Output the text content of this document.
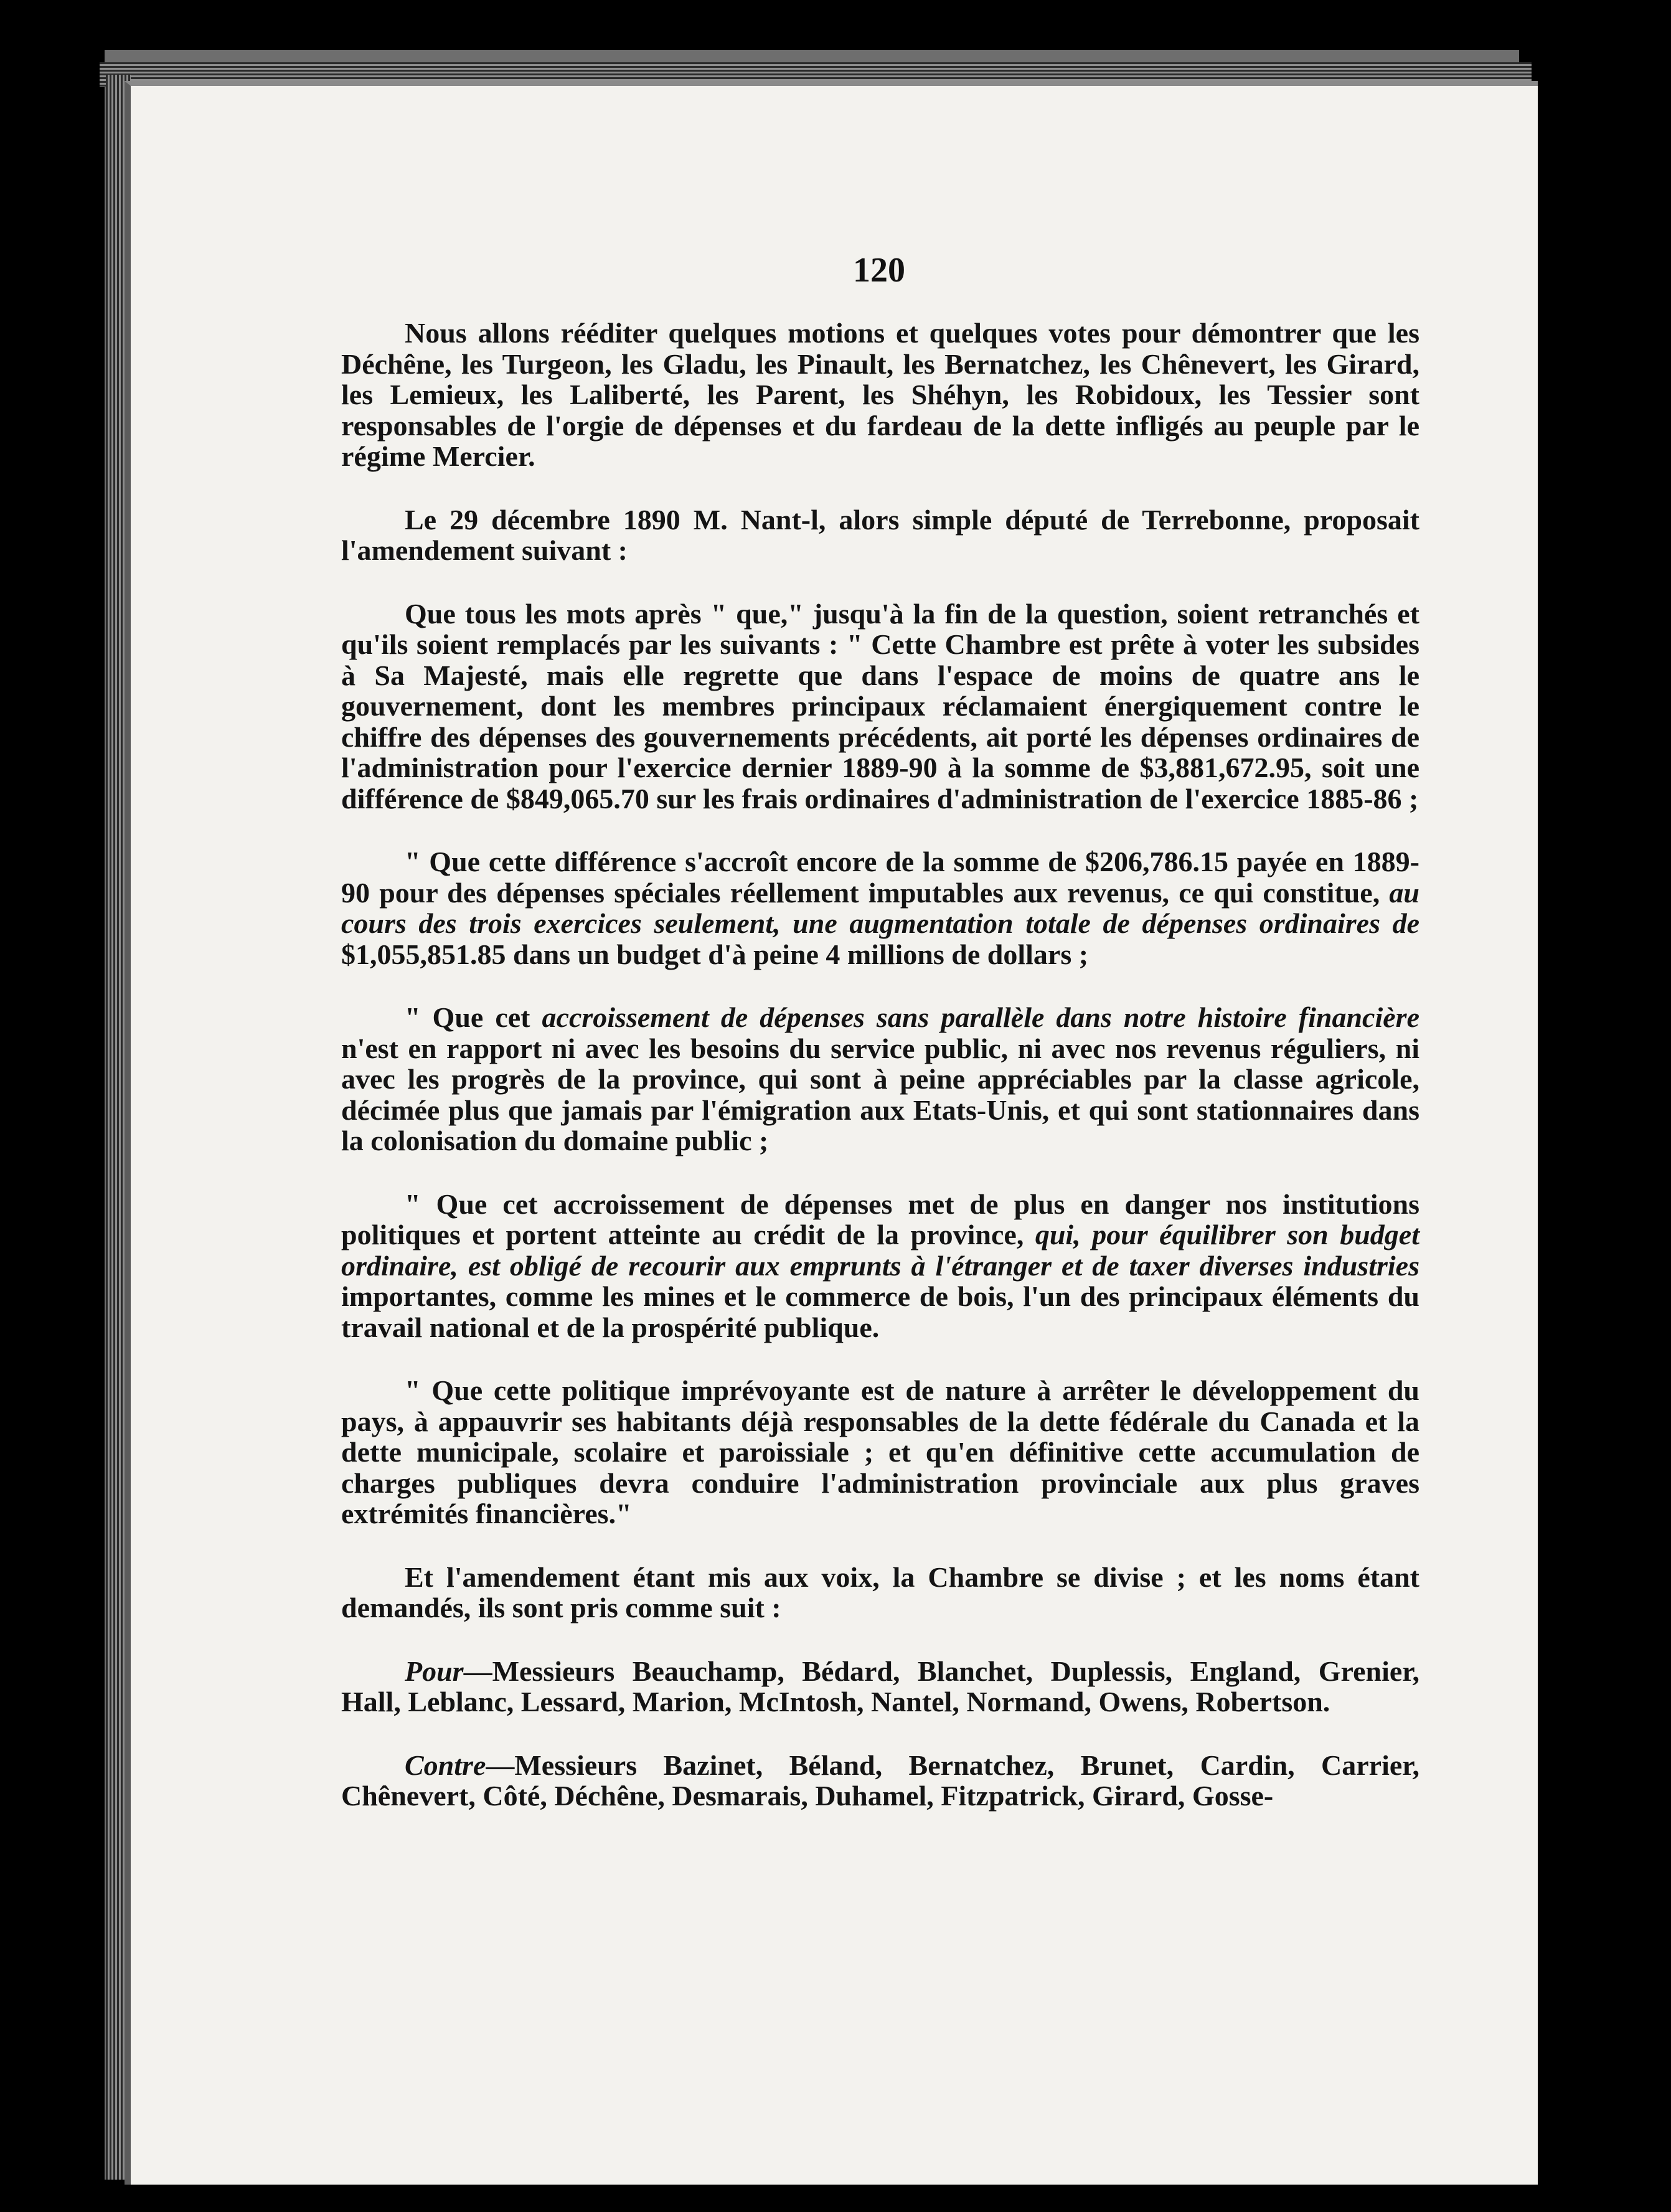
120

Nous allons rééditer quelques motions et quelques votes pour démontrer que les Déchêne, les Turgeon, les Gladu, les Pinault, les Bernatchez, les Chênevert, les Girard, les Lemieux, les Laliberté, les Parent, les Shéhyn, les Robidoux, les Tessier sont responsables de l'orgie de dépenses et du fardeau de la dette infligés au peuple par le régime Mercier.

Le 29 décembre 1890 M. Nant-l, alors simple député de Terrebonne, proposait l'amendement suivant :

Que tous les mots après " que," jusqu'à la fin de la question, soient retranchés et qu'ils soient remplacés par les suivants : " Cette Chambre est prête à voter les subsides à Sa Majesté, mais elle regrette que dans l'espace de moins de quatre ans le gouvernement, dont les membres principaux réclamaient énergiquement contre le chiffre des dépenses des gouvernements précédents, ait porté les dépenses ordinaires de l'administration pour l'exercice dernier 1889-90 à la somme de $3,881,672.95, soit une différence de $849,065.70 sur les frais ordinaires d'administration de l'exercice 1885-86 ;

" Que cette différence s'accroît encore de la somme de $206,786.15 payée en 1889-90 pour des dépenses spéciales réellement imputables aux revenus, ce qui constitue, au cours des trois exercices seulement, une augmentation totale de dépenses ordinaires de $1,055,851.85 dans un budget d'à peine 4 millions de dollars ;

" Que cet accroissement de dépenses sans parallèle dans notre histoire financière n'est en rapport ni avec les besoins du service public, ni avec nos revenus réguliers, ni avec les progrès de la province, qui sont à peine appréciables par la classe agricole, décimée plus que jamais par l'émigration aux Etats-Unis, et qui sont stationnaires dans la colonisation du domaine public ;

" Que cet accroissement de dépenses met de plus en danger nos institutions politiques et portent atteinte au crédit de la province, qui, pour équilibrer son budget ordinaire, est obligé de recourir aux emprunts à l'étranger et de taxer diverses industries importantes, comme les mines et le commerce de bois, l'un des principaux éléments du travail national et de la prospérité publique.

" Que cette politique imprévoyante est de nature à arrêter le développement du pays, à appauvrir ses habitants déjà responsables de la dette fédérale du Canada et la dette municipale, scolaire et paroissiale ; et qu'en définitive cette accumulation de charges publiques devra conduire l'administration provinciale aux plus graves extrémités financières."

Et l'amendement étant mis aux voix, la Chambre se divise ; et les noms étant demandés, ils sont pris comme suit :

Pour—Messieurs Beauchamp, Bédard, Blanchet, Duplessis, England, Grenier, Hall, Leblanc, Lessard, Marion, McIntosh, Nantel, Normand, Owens, Robertson.

Contre—Messieurs Bazinet, Béland, Bernatchez, Brunet, Cardin, Carrier, Chênevert, Côté, Déchêne, Desmarais, Duhamel, Fitzpatrick, Girard, Gosse-
